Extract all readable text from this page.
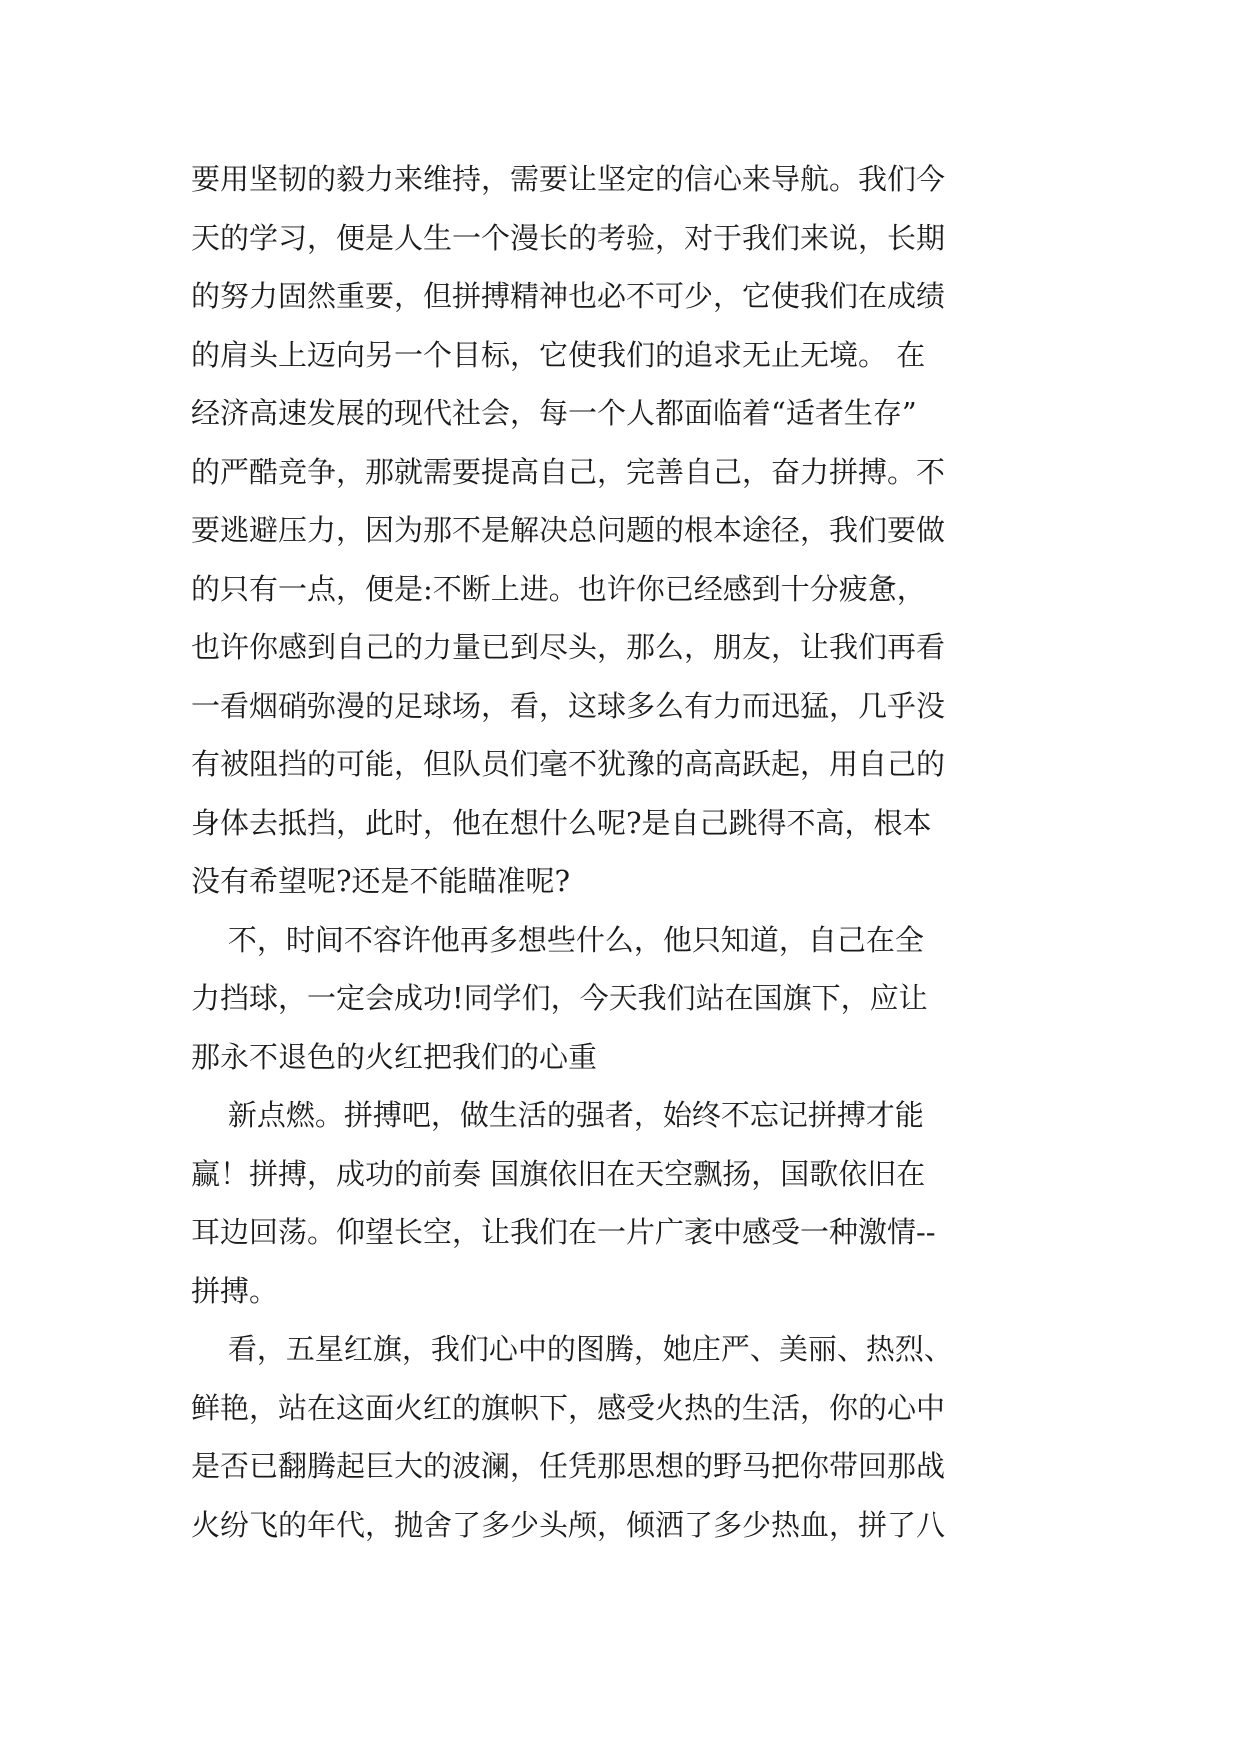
要用坚韧的毅力来维持，需要让坚定的信心来导航。我们今
天的学习，便是人生一个漫长的考验，对于我们来说，长期
的努力固然重要，但拼搏精神也必不可少，它使我们在成绩
的肩头上迈向另一个目标，它使我们的追求无止无境。 在
经济高速发展的现代社会，每一个人都面临着“适者生存”
的严酷竞争，那就需要提高自己，完善自己，奋力拼搏。不
要逃避压力，因为那不是解决总问题的根本途径，我们要做
的只有一点，便是:不断上进。也许你已经感到十分疲惫，
也许你感到自己的力量已到尽头，那么，朋友，让我们再看
一看烟硝弥漫的足球场，看，这球多么有力而迅猛，几乎没
有被阻挡的可能，但队员们毫不犹豫的高高跃起，用自己的
身体去抵挡，此时，他在想什么呢?是自己跳得不高，根本
没有希望呢?还是不能瞄准呢?
不，时间不容许他再多想些什么，他只知道，自己在全
力挡球，一定会成功!同学们，今天我们站在国旗下，应让
那永不退色的火红把我们的心重
新点燃。拼搏吧，做生活的强者，始终不忘记拼搏才能
赢！拼搏，成功的前奏 国旗依旧在天空飘扬，国歌依旧在
耳边回荡。仰望长空，让我们在一片广袤中感受一种激情--
拼搏。
看，五星红旗，我们心中的图腾，她庄严、美丽、热烈、
鲜艳，站在这面火红的旗帜下，感受火热的生活，你的心中
是否已翻腾起巨大的波澜，任凭那思想的野马把你带回那战
火纷飞的年代，抛舍了多少头颅，倾洒了多少热血，拼了八
